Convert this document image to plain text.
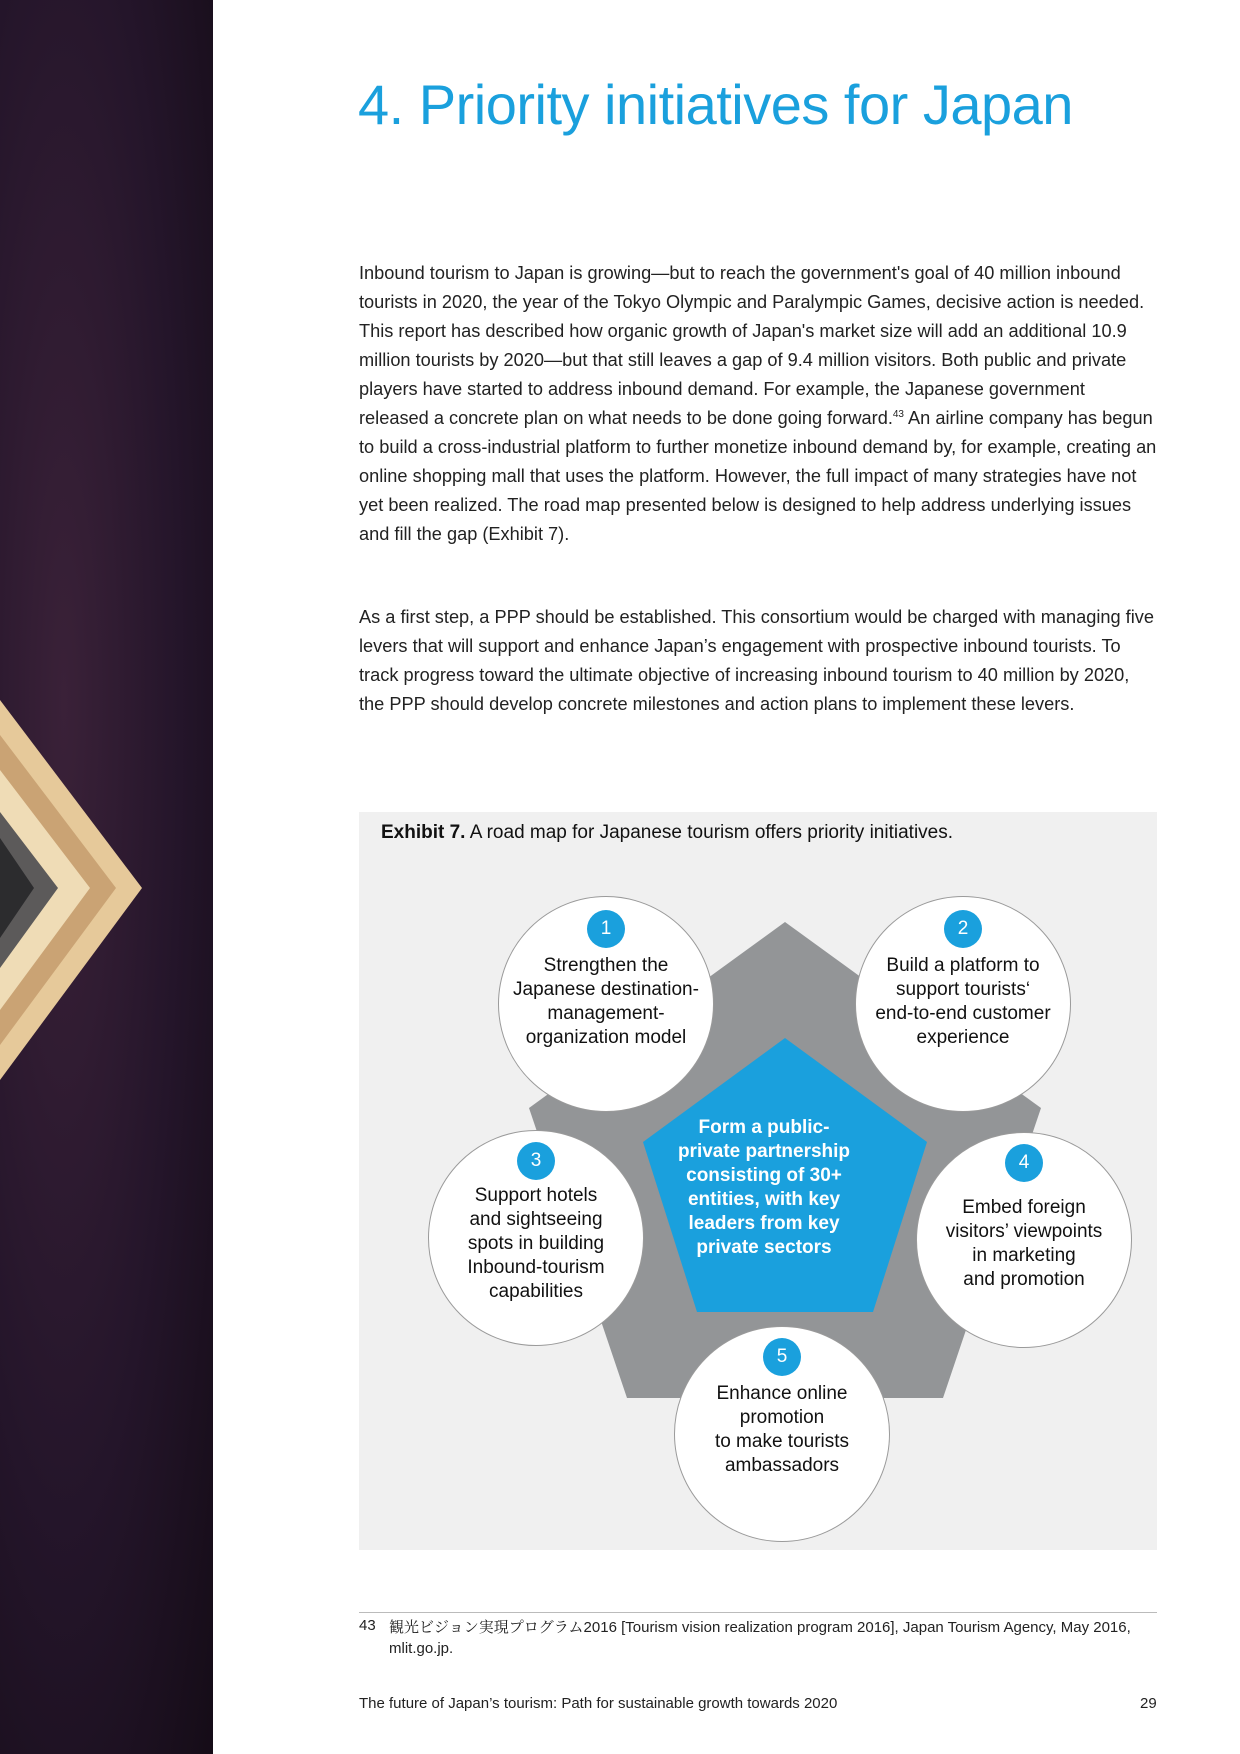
4. Priority initiatives for Japan

Inbound tourism to Japan is growing—but to reach the government's goal of 40 million inbound tourists in 2020, the year of the Tokyo Olympic and Paralympic Games, decisive action is needed. This report has described how organic growth of Japan's market size will add an additional 10.9 million tourists by 2020—but that still leaves a gap of 9.4 million visitors. Both public and private players have started to address inbound demand. For example, the Japanese government released a concrete plan on what needs to be done going forward.$^{43}$ An airline company has begun to build a cross-industrial platform to further monetize inbound demand by, for example, creating an online shopping mall that uses the platform. However, the full impact of many strategies have not yet been realized. The road map presented below is designed to help address underlying issues and fill the gap (Exhibit 7).

As a first step, a PPP should be established. This consortium would be charged with managing five levers that will support and enhance Japan’s engagement with prospective inbound tourists. To track progress toward the ultimate objective of increasing inbound tourism to 40 million by 2020, the PPP should develop concrete milestones and action plans to implement these levers.

Exhibit 7. A road map for Japanese tourism offers priority initiatives.
Form a public-
private partnership
consisting of 30+
entities, with key
leaders from key
private sectors
1
Strengthen the
Japanese destination-
management-
organization model
2
Build a platform to
support tourists‘
end-to-end customer
experience
3
Support hotels
and sightseeing
spots in building
Inbound-tourism
capabilities
4
Embed foreign
visitors’ viewpoints
in marketing
and promotion
5
Enhance online
promotion
to make tourists
ambassadors
43 観光ビジョン実現プログラム2016 [Tourism vision realization program 2016], Japan Tourism Agency, May 2016, mlit.go.jp.
The future of Japan’s tourism: Path for sustainable growth towards 2020	29
